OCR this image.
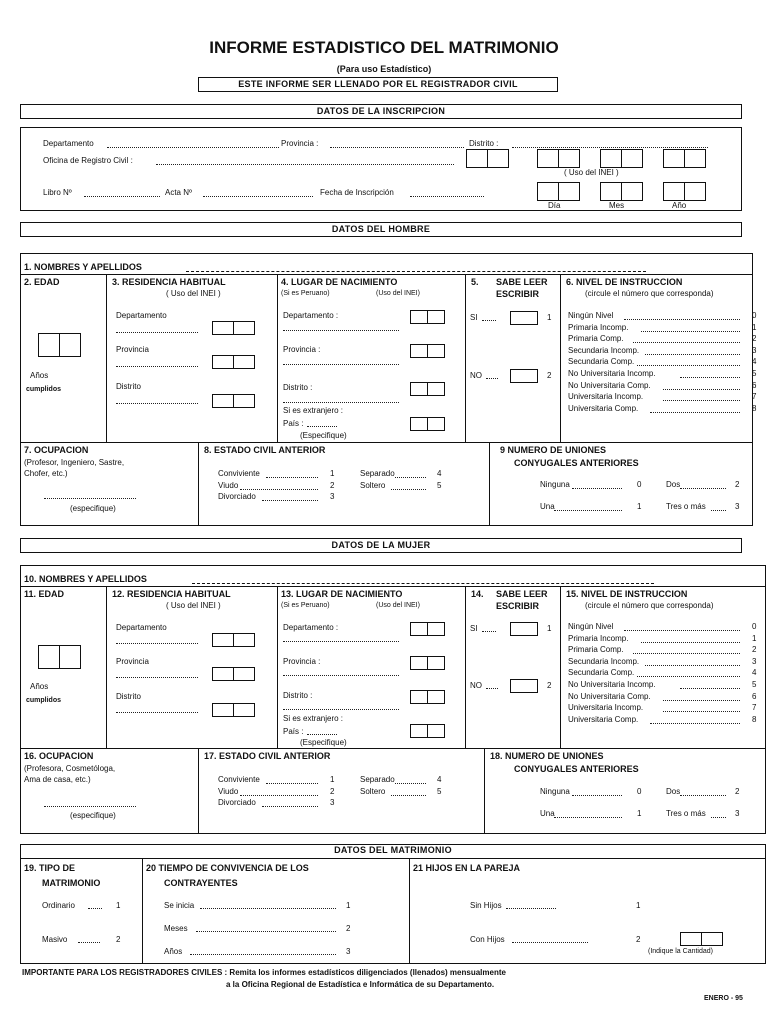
INFORME ESTADISTICO DEL MATRIMONIO
(Para uso Estadístico)
ESTE INFORME SER LLENADO POR EL REGISTRADOR CIVIL
DATOS DE LA INSCRIPCION
Departamento	Provincia :	Distrito :
Oficina de Registro Civil :
( Uso del INEI )
Libro Nº	Acta Nº	Fecha de Inscripción
Día	Mes	Año
DATOS DEL HOMBRE
1. NOMBRES Y APELLIDOS
2. EDAD
Años
cumplidos
3. RESIDENCIA HABITUAL
( Uso del INEI )
Departamento
Provincia
Distrito
4. LUGAR DE NACIMIENTO
(Si es Peruano)	(Uso del INEI)
Departamento :
Provincia :
Distrito :
Si es extranjero :
País :
(Especifique)
5. SABE LEER
ESCRIBIR
SI	1
NO	2
6. NIVEL DE INSTRUCCION
(circule el número que corresponda)
7. OCUPACION
(Profesor, Ingeniero, Sastre,
Chofer, etc.)
(especifique)
8. ESTADO CIVIL ANTERIOR	9 NUMERO DE UNIONES
CONYUGALES ANTERIORES
DATOS DE LA MUJER
10. NOMBRES Y APELLIDOS
11. EDAD
Años
cumplidos
12. RESIDENCIA HABITUAL
( Uso del INEI )
Departamento
Provincia
Distrito
13. LUGAR DE NACIMIENTO
(Si es Peruano)	(Uso del INEI)
Departamento :
Provincia :
Distrito :
Si es extranjero :
País :
(Especifique)
14. SABE LEER
ESCRIBIR
SI	1
NO	2
15. NIVEL DE INSTRUCCION
(circule el número que corresponda)
16. OCUPACION
(Profesora, Cosmetóloga,
Ama de casa, etc.)
(especifique)
17. ESTADO CIVIL ANTERIOR	18. NUMERO DE UNIONES
CONYUGALES ANTERIORES
DATOS DEL MATRIMONIO
19. TIPO DE
MATRIMONIO
Ordinario	1
Masivo	2
20 TIEMPO DE CONVIVENCIA DE LOS
CONTRAYENTES
Se inicia	1
Meses	2
Años	3
21 HIJOS EN LA PAREJA
Sin Hijos	1
Con Hijos	2
(Indique la Cantidad)
IMPORTANTE PARA LOS REGISTRADORES CIVILES : Remita los informes estadísticos diligenciados (llenados) mensualmente
a la Oficina Regional de Estadística e Informática de su Departamento.
ENERO - 95
Ningún Nivel	0
Primaria Incomp.	1
Primaria Comp.	2
Secundaria Incomp.	3
Secundaria Comp.	4
No Universitaria Incomp.	5
No Universitaria Comp.	6
Universitaria Incomp.	7
Universitaria Comp.	8
Ningún Nivel	0
Primaria Incomp.	1
Primaria Comp.	2
Secundaria Incomp.	3
Secundaria Comp.	4
No Universitaria Incomp.	5
No Universitaria Comp.	6
Universitaria Incomp.	7
Universitaria Comp.	8
Conviviente	1	Separado	4
Viudo	2	Soltero	5
Divorciado	3
Conviviente	1	Separado	4
Viudo	2	Soltero	5
Divorciado	3
Ninguna	0	Dos	2
Una	1	Tres o más	3
Ninguna	0	Dos	2
Una	1	Tres o más	3
